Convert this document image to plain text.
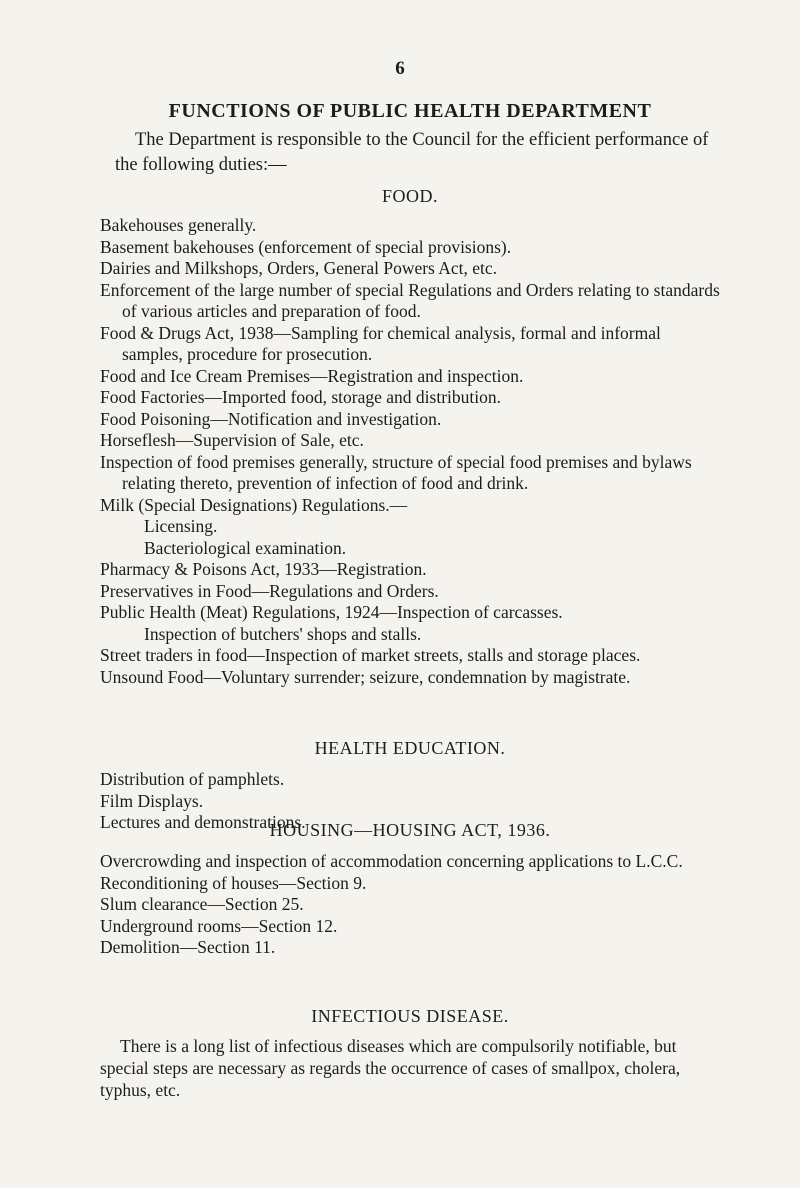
6
FUNCTIONS OF PUBLIC HEALTH DEPARTMENT
The Department is responsible to the Council for the efficient performance of the following duties:—
FOOD.
Bakehouses generally.
Basement bakehouses (enforcement of special provisions).
Dairies and Milkshops, Orders, General Powers Act, etc.
Enforcement of the large number of special Regulations and Orders relating to standards of various articles and preparation of food.
Food & Drugs Act, 1938—Sampling for chemical analysis, formal and informal samples, procedure for prosecution.
Food and Ice Cream Premises—Registration and inspection.
Food Factories—Imported food, storage and distribution.
Food Poisoning—Notification and investigation.
Horseflesh—Supervision of Sale, etc.
Inspection of food premises generally, structure of special food premises and bylaws relating thereto, prevention of infection of food and drink.
Milk (Special Designations) Regulations.—
Licensing.
Bacteriological examination.
Pharmacy & Poisons Act, 1933—Registration.
Preservatives in Food—Regulations and Orders.
Public Health (Meat) Regulations, 1924—Inspection of carcasses.
Inspection of butchers' shops and stalls.
Street traders in food—Inspection of market streets, stalls and storage places.
Unsound Food—Voluntary surrender; seizure, condemnation by magistrate.
HEALTH EDUCATION.
Distribution of pamphlets.
Film Displays.
Lectures and demonstrations.
HOUSING—HOUSING ACT, 1936.
Overcrowding and inspection of accommodation concerning applications to L.C.C.
Reconditioning of houses—Section 9.
Slum clearance—Section 25.
Underground rooms—Section 12.
Demolition—Section 11.
INFECTIOUS DISEASE.
There is a long list of infectious diseases which are compulsorily notifiable, but special steps are necessary as regards the occurrence of cases of smallpox, cholera, typhus, etc.
